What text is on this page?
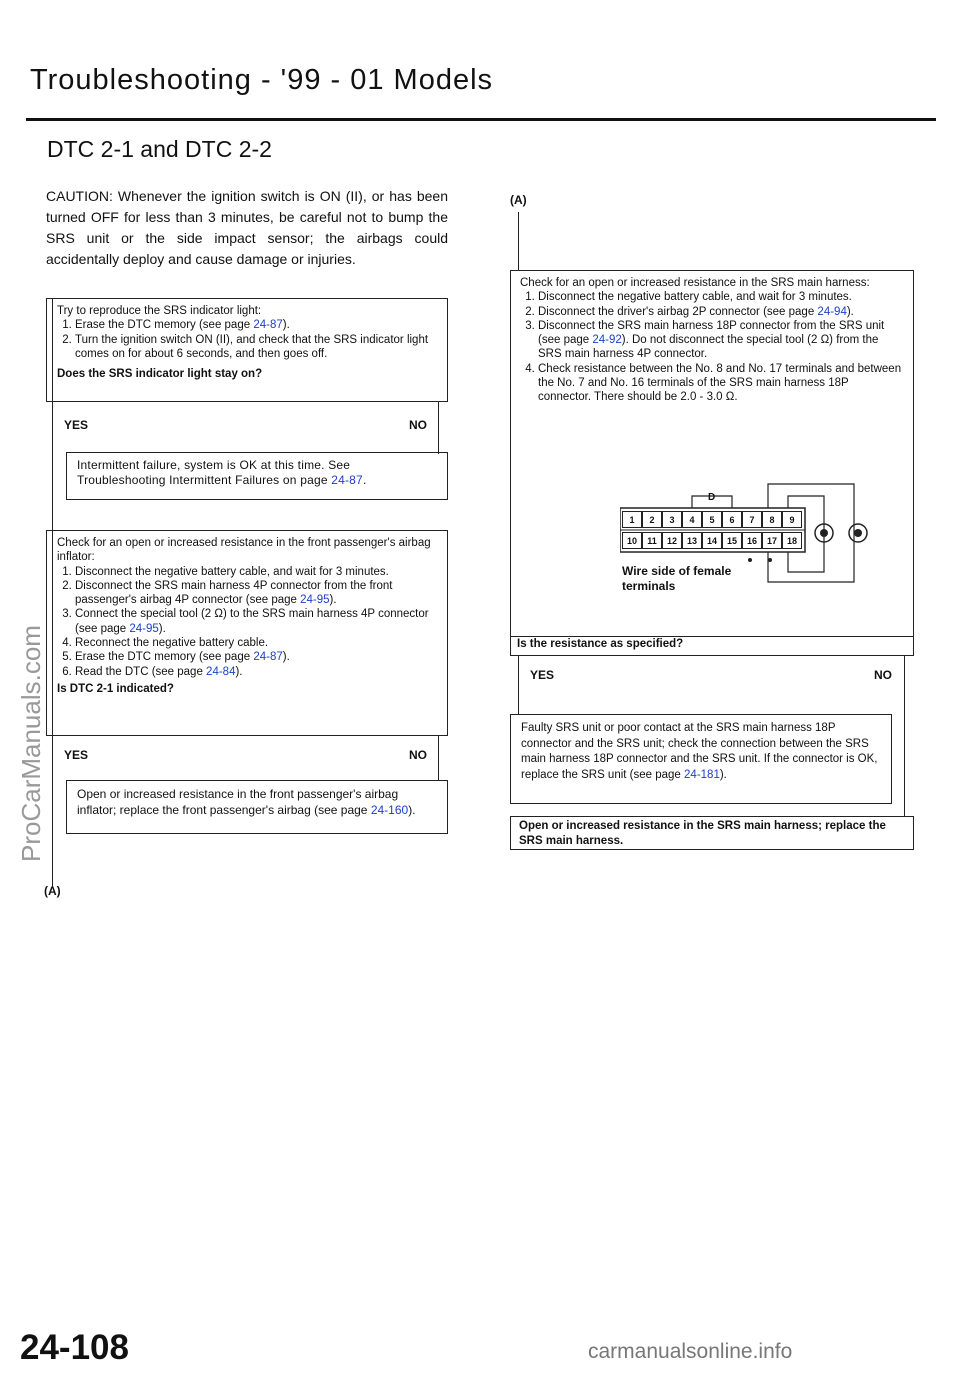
Troubleshooting - '99 - 01 Models
DTC 2-1 and DTC 2-2
CAUTION: Whenever the ignition switch is ON (II), or has been turned OFF for less than 3 minutes, be careful not to bump the SRS unit or the side impact sensor; the airbags could accidentally deploy and cause damage or injuries.
Try to reproduce the SRS indicator light:
1. Erase the DTC memory (see page 24-87).
2. Turn the ignition switch ON (II), and check that the SRS indicator light comes on for about 6 seconds, and then goes off.
Does the SRS indicator light stay on?
YES	NO
Intermittent failure, system is OK at this time. See Troubleshooting Intermittent Failures on page 24-87.
Check for an open or increased resistance in the front passenger's airbag inflator:
1. Disconnect the negative battery cable, and wait for 3 minutes.
2. Disconnect the SRS main harness 4P connector from the front passenger's airbag 4P connector (see page 24-95).
3. Connect the special tool (2 Ω) to the SRS main harness 4P connector (see page 24-95).
4. Reconnect the negative battery cable.
5. Erase the DTC memory (see page 24-87).
6. Read the DTC (see page 24-84).
Is DTC 2-1 indicated?
YES	NO
Open or increased resistance in the front passenger's airbag inflator; replace the front passenger's airbag (see page 24-160).
(A)
(A)
Check for an open or increased resistance in the SRS main harness:
1. Disconnect the negative battery cable, and wait for 3 minutes.
2. Disconnect the driver's airbag 2P connector (see page 24-94).
3. Disconnect the SRS main harness 18P connector from the SRS unit (see page 24-92). Do not disconnect the special tool (2 Ω) from the SRS main harness 4P connector.
4. Check resistance between the No. 8 and No. 17 terminals and between the No. 7 and No. 16 terminals of the SRS main harness 18P connector. There should be 2.0 - 3.0 Ω.
Is the resistance as specified?
D
1	2	3	4	5	6	7	8	9
10	11	12	13	14	15	16	17	18
Wire side of female
terminals
YES	NO
Faulty SRS unit or poor contact at the SRS main harness 18P connector and the SRS unit; check the connection between the SRS main harness 18P connector and the SRS unit. If the connector is OK, replace the SRS unit (see page 24-181).
Open or increased resistance in the SRS main harness; replace the SRS main harness.
ProCarManuals.com
24-108	carmanualsonline.info
